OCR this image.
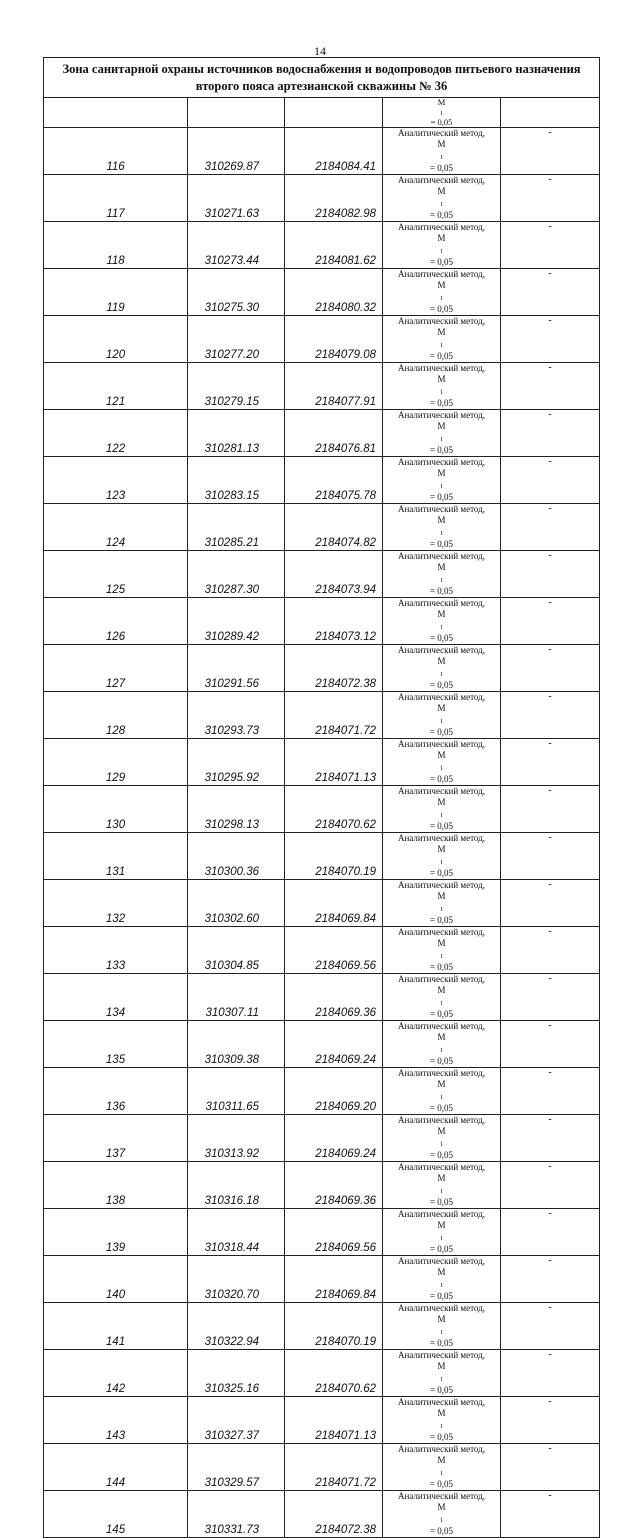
14
Зона санитарной охраны источников водоснабжения и водопроводов питьевого назначения
второго пояса артезианской скважины № 36				

			M
$_t$
= 0,05	

116	310269.87	2184084.41	Аналитический метод,
M
$_t$
= 0,05	-
117	310271.63	2184082.98	Аналитический метод,
M
$_t$
= 0,05	-
118	310273.44	2184081.62	Аналитический метод,
M
$_t$
= 0,05	-
119	310275.30	2184080.32	Аналитический метод,
M
$_t$
= 0,05	-
120	310277.20	2184079.08	Аналитический метод,
M
$_t$
= 0,05	-
121	310279.15	2184077.91	Аналитический метод,
M
$_t$
= 0,05	-
122	310281.13	2184076.81	Аналитический метод,
M
$_t$
= 0,05	-
123	310283.15	2184075.78	Аналитический метод,
M
$_t$
= 0,05	-
124	310285.21	2184074.82	Аналитический метод,
M
$_t$
= 0,05	-
125	310287.30	2184073.94	Аналитический метод,
M
$_t$
= 0,05	-
126	310289.42	2184073.12	Аналитический метод,
M
$_t$
= 0,05	-
127	310291.56	2184072.38	Аналитический метод,
M
$_t$
= 0,05	-
128	310293.73	2184071.72	Аналитический метод,
M
$_t$
= 0,05	-
129	310295.92	2184071.13	Аналитический метод,
M
$_t$
= 0,05	-
130	310298.13	2184070.62	Аналитический метод,
M
$_t$
= 0,05	-
131	310300.36	2184070.19	Аналитический метод,
M
$_t$
= 0,05	-
132	310302.60	2184069.84	Аналитический метод,
M
$_t$
= 0,05	-
133	310304.85	2184069.56	Аналитический метод,
M
$_t$
= 0,05	-
134	310307.11	2184069.36	Аналитический метод,
M
$_t$
= 0,05	-
135	310309.38	2184069.24	Аналитический метод,
M
$_t$
= 0,05	-
136	310311.65	2184069.20	Аналитический метод,
M
$_t$
= 0,05	-
137	310313.92	2184069.24	Аналитический метод,
M
$_t$
= 0,05	-
138	310316.18	2184069.36	Аналитический метод,
M
$_t$
= 0,05	-
139	310318.44	2184069.56	Аналитический метод,
M
$_t$
= 0,05	-
140	310320.70	2184069.84	Аналитический метод,
M
$_t$
= 0,05	-
141	310322.94	2184070.19	Аналитический метод,
M
$_t$
= 0,05	-
142	310325.16	2184070.62	Аналитический метод,
M
$_t$
= 0,05	-
143	310327.37	2184071.13	Аналитический метод,
M
$_t$
= 0,05	-
144	310329.57	2184071.72	Аналитический метод,
M
$_t$
= 0,05	-
145	310331.73	2184072.38	Аналитический метод,
M
$_t$
= 0,05	-
